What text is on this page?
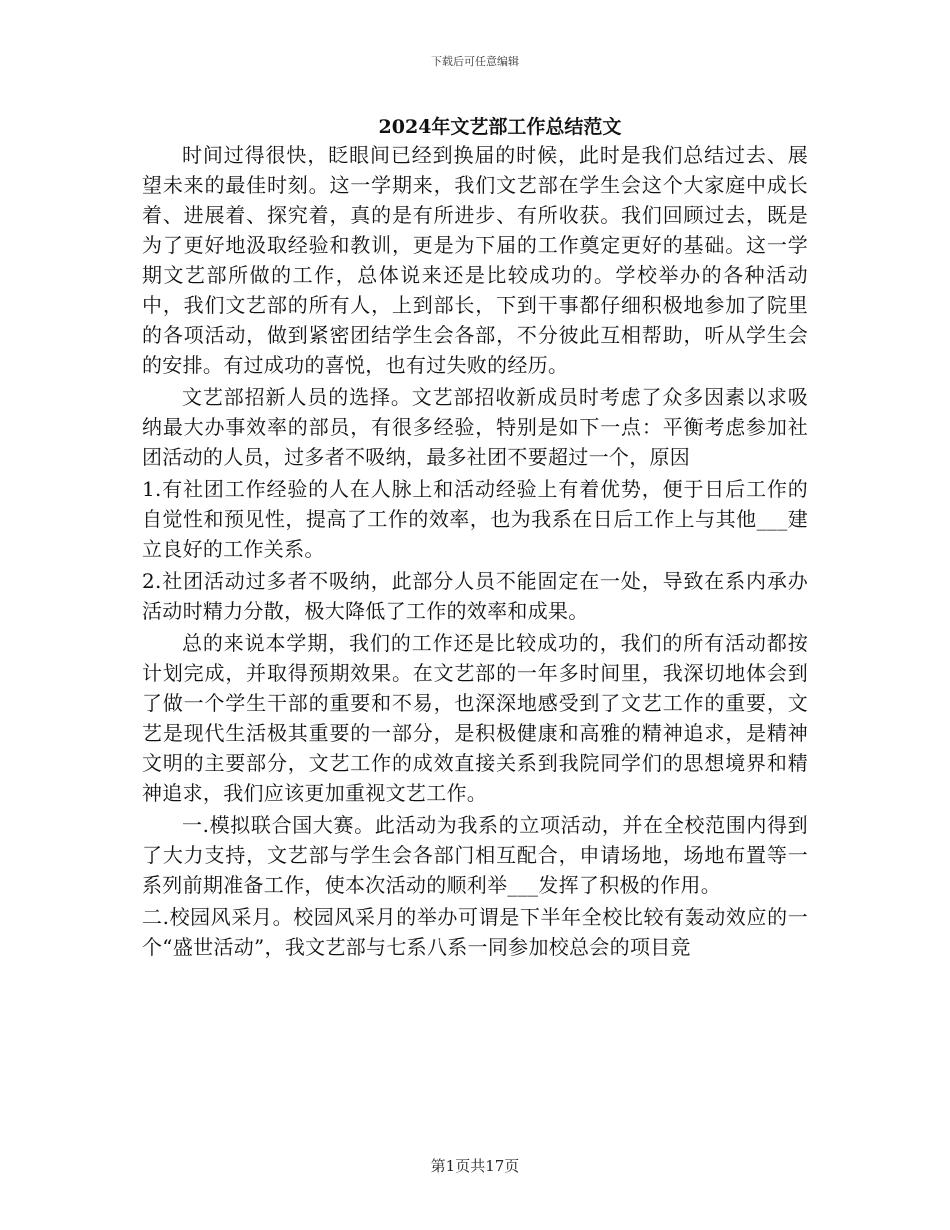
下载后可任意编辑
2024年文艺部工作总结范文

时间过得很快，眨眼间已经到换届的时候，此时是我们总结过去、展望未来的最佳时刻。这一学期来，我们文艺部在学生会这个大家庭中成长着、进展着、探究着，真的是有所进步、有所收获。我们回顾过去，既是为了更好地汲取经验和教训，更是为下届的工作奠定更好的基础。这一学期文艺部所做的工作，总体说来还是比较成功的。学校举办的各种活动中，我们文艺部的所有人，上到部长，下到干事都仔细积极地参加了院里的各项活动，做到紧密团结学生会各部，不分彼此互相帮助，听从学生会的安排。有过成功的喜悦，也有过失败的经历。

文艺部招新人员的选择。文艺部招收新成员时考虑了众多因素以求吸纳最大办事效率的部员，有很多经验，特别是如下一点：平衡考虑参加社团活动的人员，过多者不吸纳，最多社团不要超过一个，原因

1.有社团工作经验的人在人脉上和活动经验上有着优势，便于日后工作的自觉性和预见性，提高了工作的效率，也为我系在日后工作上与其他___建立良好的工作关系。

2.社团活动过多者不吸纳，此部分人员不能固定在一处，导致在系内承办活动时精力分散，极大降低了工作的效率和成果。

总的来说本学期，我们的工作还是比较成功的，我们的所有活动都按计划完成，并取得预期效果。在文艺部的一年多时间里，我深切地体会到了做一个学生干部的重要和不易，也深深地感受到了文艺工作的重要，文艺是现代生活极其重要的一部分，是积极健康和高雅的精神追求，是精神文明的主要部分，文艺工作的成效直接关系到我院同学们的思想境界和精神追求，我们应该更加重视文艺工作。

一.模拟联合国大赛。此活动为我系的立项活动，并在全校范围内得到了大力支持，文艺部与学生会各部门相互配合，申请场地，场地布置等一系列前期准备工作，使本次活动的顺利举___发挥了积极的作用。

二.校园风采月。校园风采月的举办可谓是下半年全校比较有轰动效应的一个“盛世活动”，我文艺部与七系八系一同参加校总会的项目竞

第1页共17页
